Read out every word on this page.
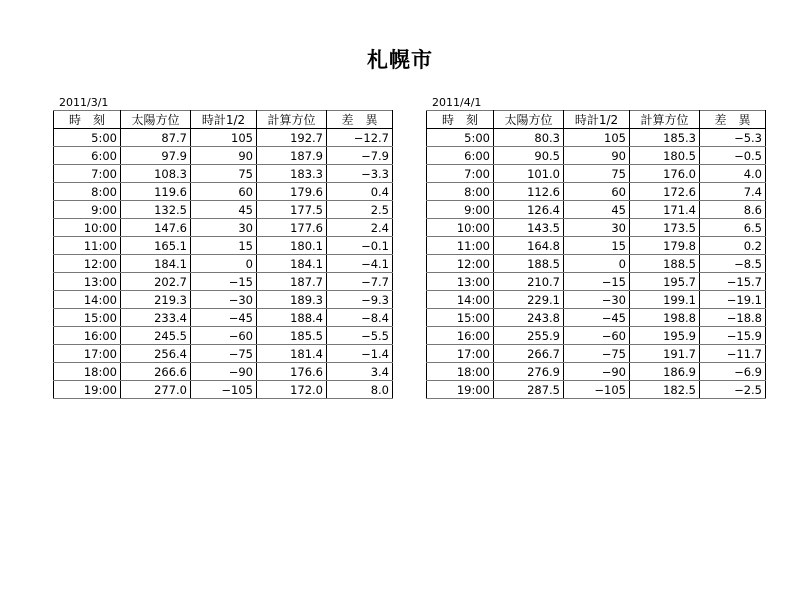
札幌市
2011/3/1
時　刻	太陽方位	時計1/2	計算方位	差　異
5:00	87.7	105	192.7	−12.7
6:00	97.9	90	187.9	−7.9
7:00	108.3	75	183.3	−3.3
8:00	119.6	60	179.6	0.4
9:00	132.5	45	177.5	2.5
10:00	147.6	30	177.6	2.4
11:00	165.1	15	180.1	−0.1
12:00	184.1	0	184.1	−4.1
13:00	202.7	−15	187.7	−7.7
14:00	219.3	−30	189.3	−9.3
15:00	233.4	−45	188.4	−8.4
16:00	245.5	−60	185.5	−5.5
17:00	256.4	−75	181.4	−1.4
18:00	266.6	−90	176.6	3.4
19:00	277.0	−105	172.0	8.0
2011/4/1
時　刻	太陽方位	時計1/2	計算方位	差　異
5:00	80.3	105	185.3	−5.3
6:00	90.5	90	180.5	−0.5
7:00	101.0	75	176.0	4.0
8:00	112.6	60	172.6	7.4
9:00	126.4	45	171.4	8.6
10:00	143.5	30	173.5	6.5
11:00	164.8	15	179.8	0.2
12:00	188.5	0	188.5	−8.5
13:00	210.7	−15	195.7	−15.7
14:00	229.1	−30	199.1	−19.1
15:00	243.8	−45	198.8	−18.8
16:00	255.9	−60	195.9	−15.9
17:00	266.7	−75	191.7	−11.7
18:00	276.9	−90	186.9	−6.9
19:00	287.5	−105	182.5	−2.5
